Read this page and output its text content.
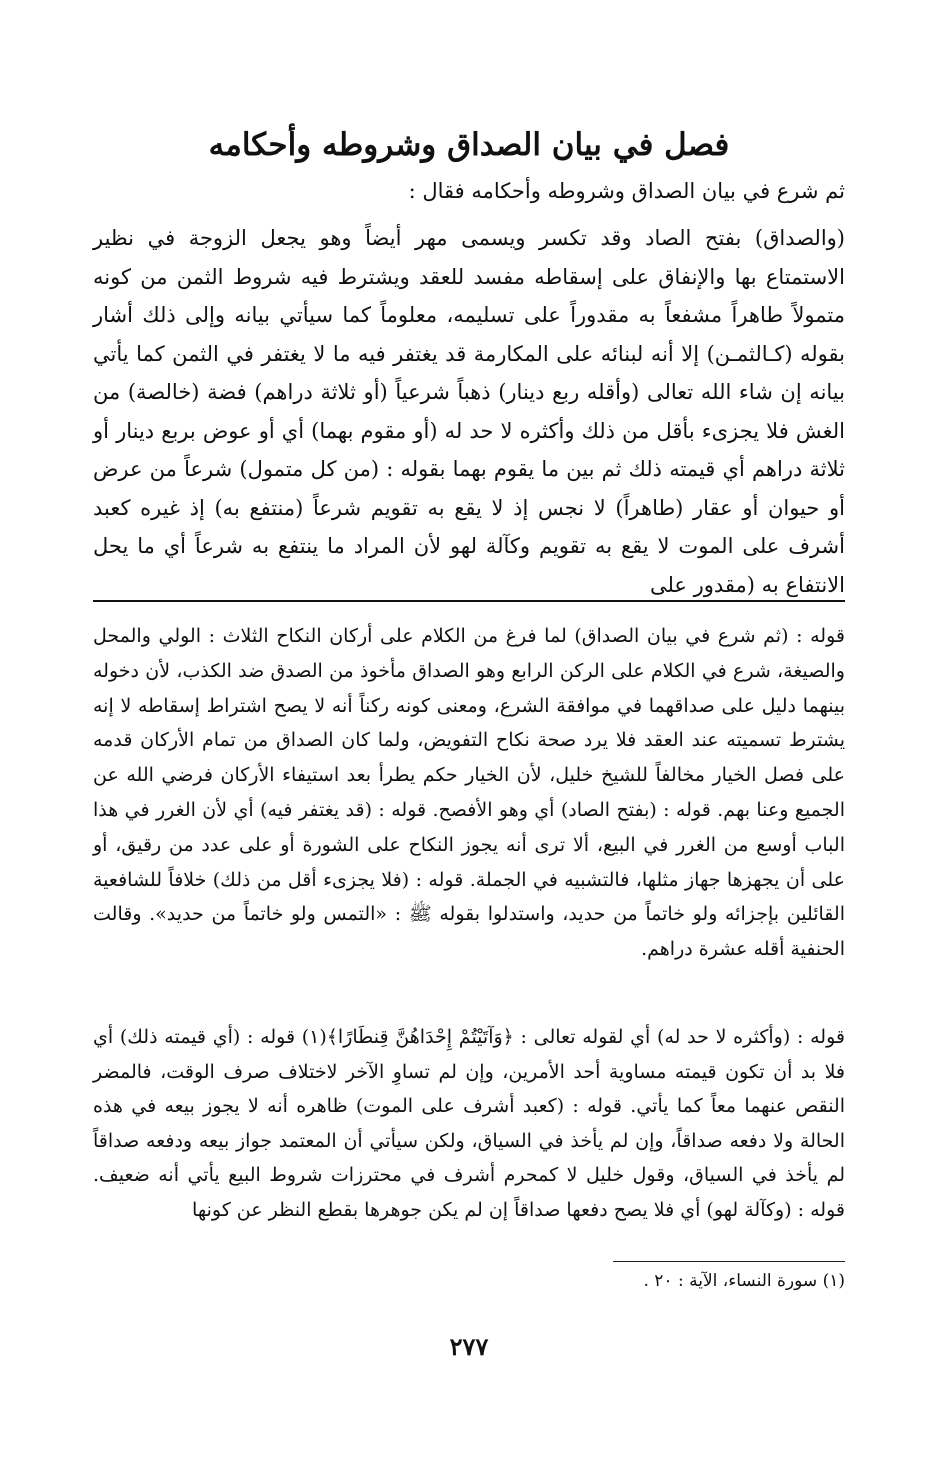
فصل في بيان الصداق وشروطه وأحكامه
ثم شرع في بيان الصداق وشروطه وأحكامه فقال :

(والصداق) بفتح الصاد وقد تكسر ويسمى مهر أيضاً وهو يجعل الزوجة في نظير الاستمتاع بها والإنفاق على إسقاطه مفسد للعقد ويشترط فيه شروط الثمن من كونه متمولاً طاهراً مشفعاً به مقدوراً على تسليمه، معلوماً كما سيأتي بيانه وإلى ذلك أشار بقوله (كـالثمـن) إلا أنه لبنائه على المكارمة قد يغتفر فيه ما لا يغتفر في الثمن كما يأتي بيانه إن شاء الله تعالى (وأقله ربع دينار) ذهباً شرعياً (أو ثلاثة دراهم) فضة (خالصة) من الغش فلا يجزىء بأقل من ذلك وأكثره لا حد له (أو مقوم بهما) أي أو عوض بربع دينار أو ثلاثة دراهم أي قيمته ذلك ثم بين ما يقوم بهما بقوله : (من كل متمول) شرعاً من عرض أو حيوان أو عقار (طاهراً) لا نجس إذ لا يقع به تقويم شرعاً (منتفع به) إذ غيره كعبد أشرف على الموت لا يقع به تقويم وكآلة لهو لأن المراد ما ينتفع به شرعاً أي ما يحل الانتفاع به (مقدور على

قوله : (ثم شرع في بيان الصداق) لما فرغ من الكلام على أركان النكاح الثلاث : الولي والمحل والصيغة، شرع في الكلام على الركن الرابع وهو الصداق مأخوذ من الصدق ضد الكذب، لأن دخوله بينهما دليل على صداقهما في موافقة الشرع، ومعنى كونه ركناً أنه لا يصح اشتراط إسقاطه لا إنه يشترط تسميته عند العقد فلا يرد صحة نكاح التفويض، ولما كان الصداق من تمام الأركان قدمه على فصل الخيار مخالفاً للشيخ خليل، لأن الخيار حكم يطرأ بعد استيفاء الأركان فرضي الله عن الجميع وعنا بهم. قوله : (بفتح الصاد) أي وهو الأفصح. قوله : (قد يغتفر فيه) أي لأن الغرر في هذا الباب أوسع من الغرر في البيع، ألا ترى أنه يجوز النكاح على الشورة أو على عدد من رقيق، أو على أن يجهزها جهاز مثلها، فالتشبيه في الجملة. قوله : (فلا يجزىء أقل من ذلك) خلافاً للشافعية القائلين بإجزائه ولو خاتماً من حديد، واستدلوا بقوله ﷺ : «التمس ولو خاتماً من حديد». وقالت الحنفية أقله عشرة دراهم.

قوله : (وأكثره لا حد له) أي لقوله تعالى : ﴿وَآتَيْتُمْ إِحْدَاهُنَّ قِنطَارًا﴾(١) قوله : (أي قيمته ذلك) أي فلا بد أن تكون قيمته مساوية أحد الأمرين، وإن لم تساوِ الآخر لاختلاف صرف الوقت، فالمضر النقص عنهما معاً كما يأتي. قوله : (كعبد أشرف على الموت) ظاهره أنه لا يجوز بيعه في هذه الحالة ولا دفعه صداقاً، وإن لم يأخذ في السياق، ولكن سيأتي أن المعتمد جواز بيعه ودفعه صداقاً لم يأخذ في السياق، وقول خليل لا كمحرم أشرف في محترزات شروط البيع يأتي أنه ضعيف. قوله : (وكآلة لهو) أي فلا يصح دفعها صداقاً إن لم يكن جوهرها بقطع النظر عن كونها

(١) سورة النساء، الآية : ٢٠ .
٢٧٧
